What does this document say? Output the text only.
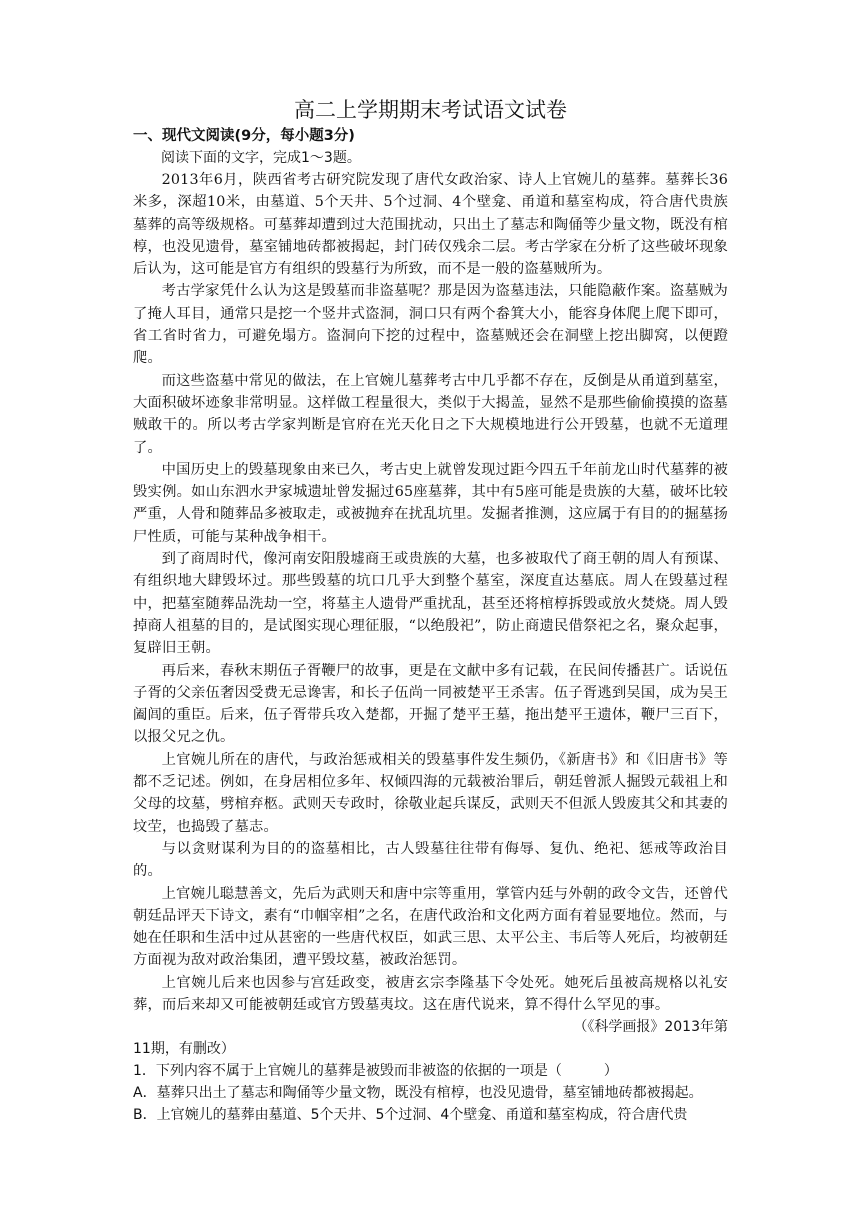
高二上学期期末考试语文试卷

一、现代文阅读(9分，每小题3分)

阅读下面的文字，完成1～3题。

2013年6月，陕西省考古研究院发现了唐代女政治家、诗人上官婉儿的墓葬。墓葬长36米多，深超10米，由墓道、5个天井、5个过洞、4个壁龛、甬道和墓室构成，符合唐代贵族墓葬的高等级规格。可墓葬却遭到过大范围扰动，只出土了墓志和陶俑等少量文物，既没有棺椁，也没见遗骨，墓室铺地砖都被揭起，封门砖仅残余二层。考古学家在分析了这些破坏现象后认为，这可能是官方有组织的毁墓行为所致，而不是一般的盗墓贼所为。

考古学家凭什么认为这是毁墓而非盗墓呢？那是因为盗墓违法，只能隐蔽作案。盗墓贼为了掩人耳目，通常只是挖一个竖井式盗洞，洞口只有两个畚箕大小，能容身体爬上爬下即可，省工省时省力，可避免塌方。盗洞向下挖的过程中，盗墓贼还会在洞壁上挖出脚窝，以便蹬爬。

而这些盗墓中常见的做法，在上官婉儿墓葬考古中几乎都不存在，反倒是从甬道到墓室，大面积破坏迹象非常明显。这样做工程量很大，类似于大揭盖，显然不是那些偷偷摸摸的盗墓贼敢干的。所以考古学家判断是官府在光天化日之下大规模地进行公开毁墓，也就不无道理了。

中国历史上的毁墓现象由来已久，考古史上就曾发现过距今四五千年前龙山时代墓葬的被毁实例。如山东泗水尹家城遗址曾发掘过65座墓葬，其中有5座可能是贵族的大墓，破坏比较严重，人骨和随葬品多被取走，或被抛弃在扰乱坑里。发掘者推测，这应属于有目的的掘墓扬尸性质，可能与某种战争相干。

到了商周时代，像河南安阳殷墟商王或贵族的大墓，也多被取代了商王朝的周人有预谋、有组织地大肆毁坏过。那些毁墓的坑口几乎大到整个墓室，深度直达墓底。周人在毁墓过程中，把墓室随葬品洗劫一空，将墓主人遗骨严重扰乱，甚至还将棺椁拆毁或放火焚烧。周人毁掉商人祖墓的目的，是试图实现心理征服，“以绝殷祀”，防止商遗民借祭祀之名，聚众起事，复辟旧王朝。

再后来，春秋末期伍子胥鞭尸的故事，更是在文献中多有记载，在民间传播甚广。话说伍子胥的父亲伍奢因受费无忌谗害，和长子伍尚一同被楚平王杀害。伍子胥逃到吴国，成为吴王阖闾的重臣。后来，伍子胥带兵攻入楚都，开掘了楚平王墓，拖出楚平王遗体，鞭尸三百下，以报父兄之仇。

上官婉儿所在的唐代，与政治惩戒相关的毁墓事件发生频仍，《新唐书》和《旧唐书》等都不乏记述。例如，在身居相位多年、权倾四海的元载被治罪后，朝廷曾派人掘毁元载祖上和父母的坟墓，劈棺弃柩。武则天专政时，徐敬业起兵谋反，武则天不但派人毁废其父和其妻的坟茔，也捣毁了墓志。

与以贪财谋利为目的的盗墓相比，古人毁墓往往带有侮辱、复仇、绝祀、惩戒等政治目的。

上官婉儿聪慧善文，先后为武则天和唐中宗等重用，掌管内廷与外朝的政令文告，还曾代朝廷品评天下诗文，素有“巾帼宰相”之名，在唐代政治和文化两方面有着显要地位。然而，与她在任职和生活中过从甚密的一些唐代权臣，如武三思、太平公主、韦后等人死后，均被朝廷方面视为敌对政治集团，遭平毁坟墓，被政治惩罚。

上官婉儿后来也因参与宫廷政变，被唐玄宗李隆基下令处死。她死后虽被高规格以礼安葬，而后来却又可能被朝廷或官方毁墓夷坟。这在唐代说来，算不得什么罕见的事。

（《科学画报》2013年第

11期，有删改）

1．下列内容不属于上官婉儿的墓葬是被毁而非被盗的依据的一项是（　　　）

A．墓葬只出土了墓志和陶俑等少量文物，既没有棺椁，也没见遗骨，墓室铺地砖都被揭起。

B．上官婉儿的墓葬由墓道、5个天井、5个过洞、4个壁龛、甬道和墓室构成，符合唐代贵
